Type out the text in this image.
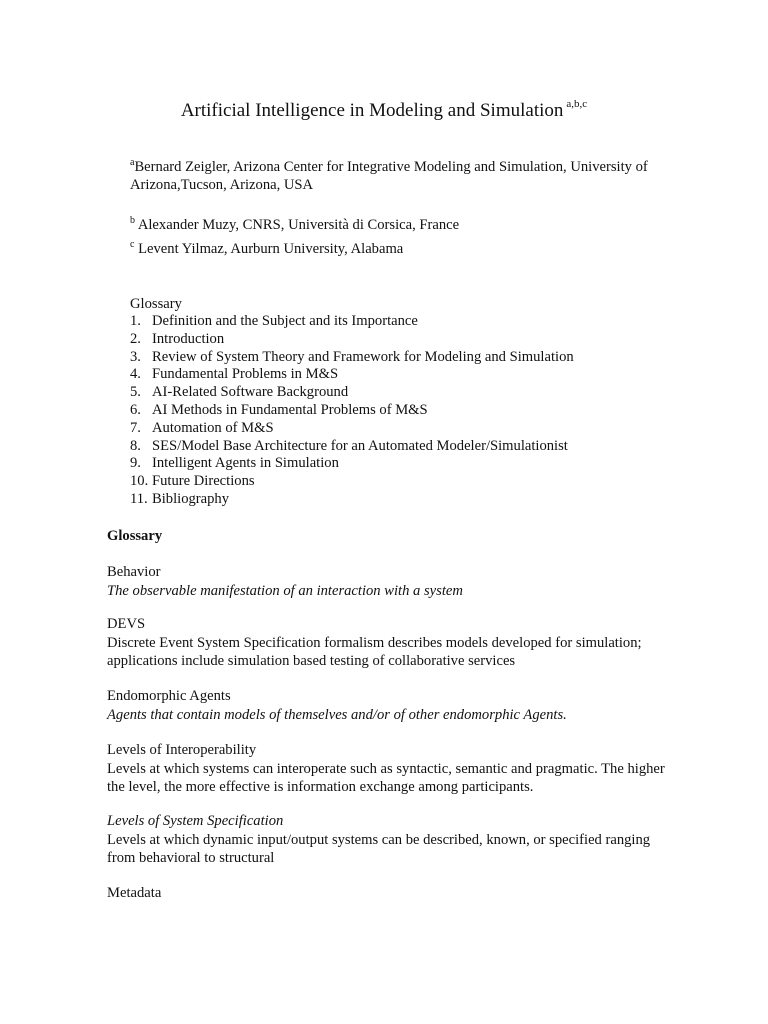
Artificial Intelligence in Modeling and Simulation $^{a,b,c}$
$^a$Bernard Zeigler, Arizona Center for Integrative Modeling and Simulation, University of Arizona,Tucson, Arizona, USA
$^b$ Alexander Muzy, CNRS, Università di Corsica, France
$^c$ Levent Yilmaz, Aurburn University, Alabama
Glossary
1. Definition and the Subject and its Importance
2. Introduction
3. Review of System Theory and Framework for Modeling and Simulation
4. Fundamental Problems in M&S
5. AI-Related Software Background
6. AI Methods in Fundamental Problems of M&S
7. Automation of M&S
8. SES/Model Base Architecture for an Automated Modeler/Simulationist
9. Intelligent Agents in Simulation
10. Future Directions
11. Bibliography
Glossary
Behavior
The observable manifestation of an interaction with a system
DEVS
Discrete Event System Specification formalism describes models developed for simulation; applications include simulation based testing of collaborative services
Endomorphic Agents
Agents that contain models of themselves and/or of other endomorphic Agents.
Levels of Interoperability
Levels at which systems can interoperate such as syntactic, semantic and pragmatic. The higher the level, the more effective is information exchange among participants.
Levels of System Specification
Levels at which dynamic input/output systems can be described, known, or specified ranging from behavioral to structural
Metadata
